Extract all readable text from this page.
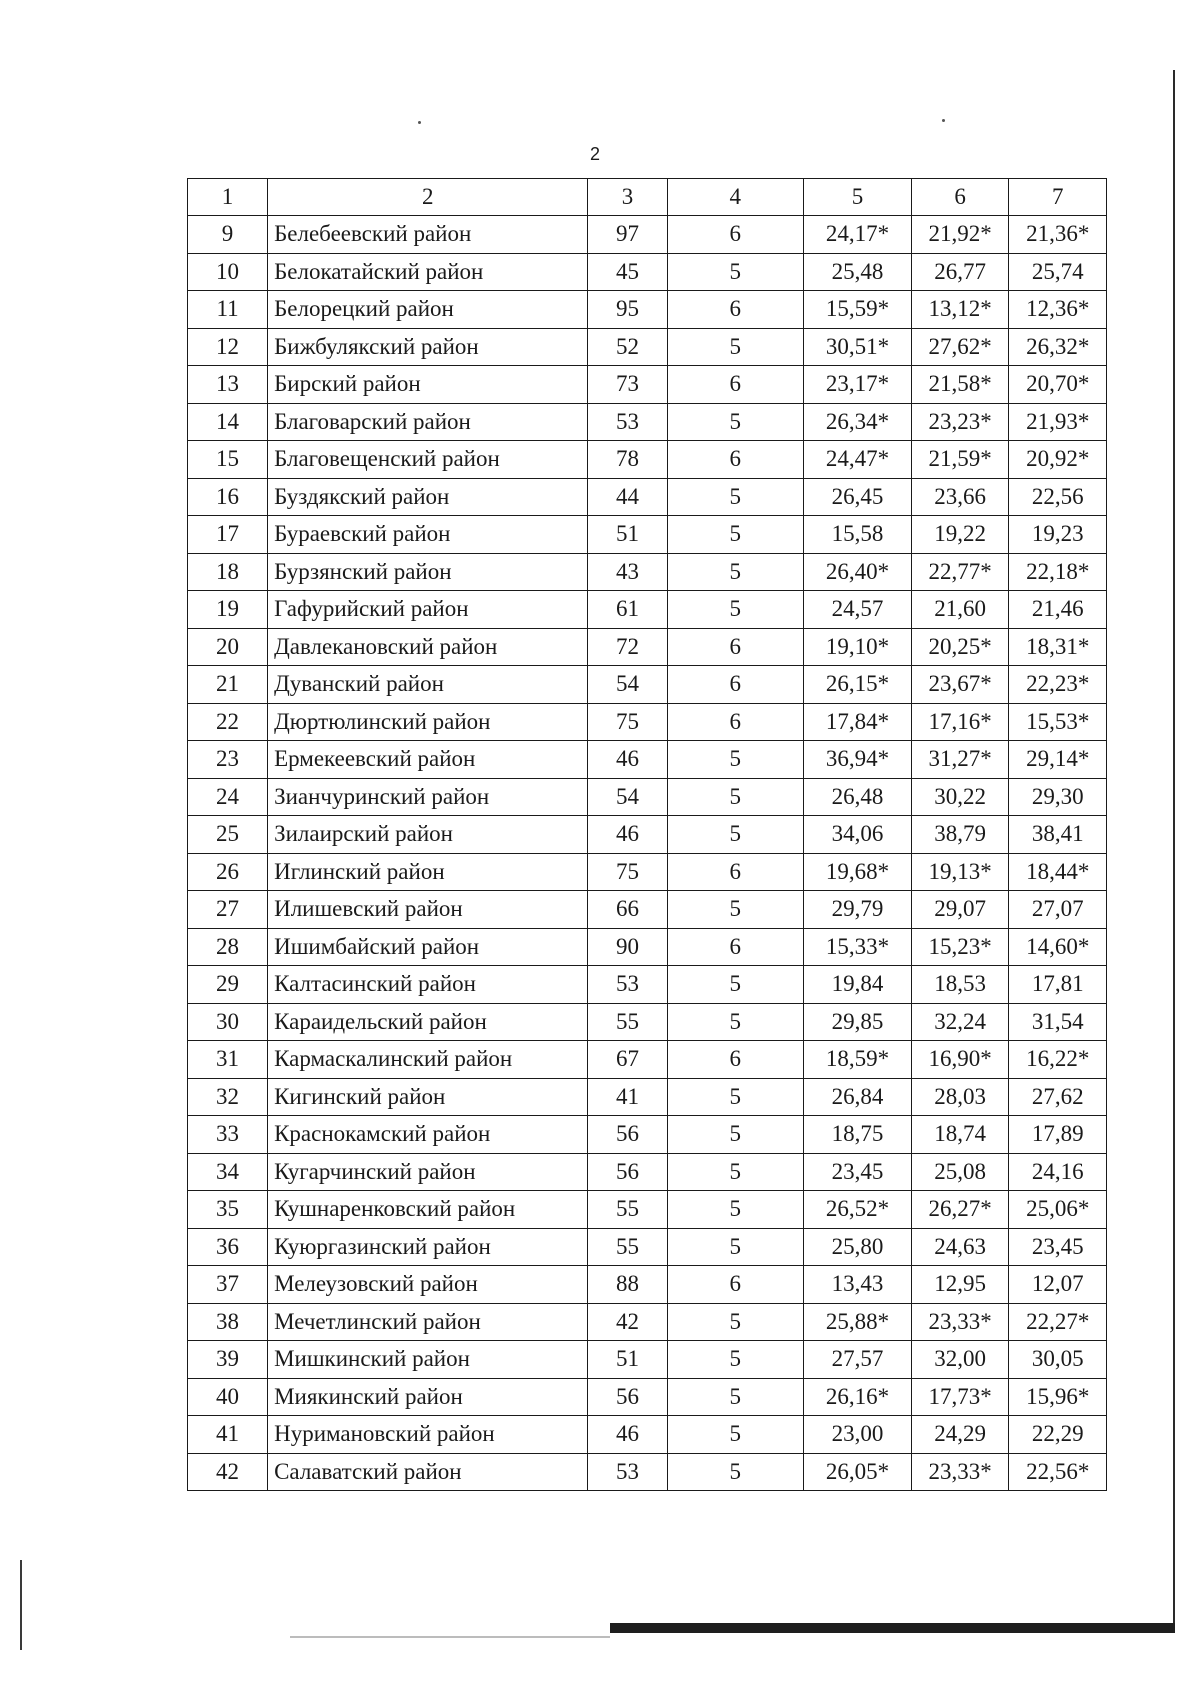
2
1	2	3	4	5	6	7
9	Белебеевский район	97	6	24,17*	21,92*	21,36*
10	Белокатайский район	45	5	25,48	26,77	25,74
11	Белорецкий район	95	6	15,59*	13,12*	12,36*
12	Бижбулякский район	52	5	30,51*	27,62*	26,32*
13	Бирский район	73	6	23,17*	21,58*	20,70*
14	Благоварский район	53	5	26,34*	23,23*	21,93*
15	Благовещенский район	78	6	24,47*	21,59*	20,92*
16	Буздякский район	44	5	26,45	23,66	22,56
17	Бураевский район	51	5	15,58	19,22	19,23
18	Бурзянский район	43	5	26,40*	22,77*	22,18*
19	Гафурийский район	61	5	24,57	21,60	21,46
20	Давлекановский район	72	6	19,10*	20,25*	18,31*
21	Дуванский район	54	6	26,15*	23,67*	22,23*
22	Дюртюлинский район	75	6	17,84*	17,16*	15,53*
23	Ермекеевский район	46	5	36,94*	31,27*	29,14*
24	Зианчуринский район	54	5	26,48	30,22	29,30
25	Зилаирский район	46	5	34,06	38,79	38,41
26	Иглинский район	75	6	19,68*	19,13*	18,44*
27	Илишевский район	66	5	29,79	29,07	27,07
28	Ишимбайский район	90	6	15,33*	15,23*	14,60*
29	Калтасинский район	53	5	19,84	18,53	17,81
30	Караидельский район	55	5	29,85	32,24	31,54
31	Кармаскалинский район	67	6	18,59*	16,90*	16,22*
32	Кигинский район	41	5	26,84	28,03	27,62
33	Краснокамский район	56	5	18,75	18,74	17,89
34	Кугарчинский район	56	5	23,45	25,08	24,16
35	Кушнаренковский район	55	5	26,52*	26,27*	25,06*
36	Куюргазинский район	55	5	25,80	24,63	23,45
37	Мелеузовский район	88	6	13,43	12,95	12,07
38	Мечетлинский район	42	5	25,88*	23,33*	22,27*
39	Мишкинский район	51	5	27,57	32,00	30,05
40	Миякинский район	56	5	26,16*	17,73*	15,96*
41	Нуримановский район	46	5	23,00	24,29	22,29
42	Салаватский район	53	5	26,05*	23,33*	22,56*
